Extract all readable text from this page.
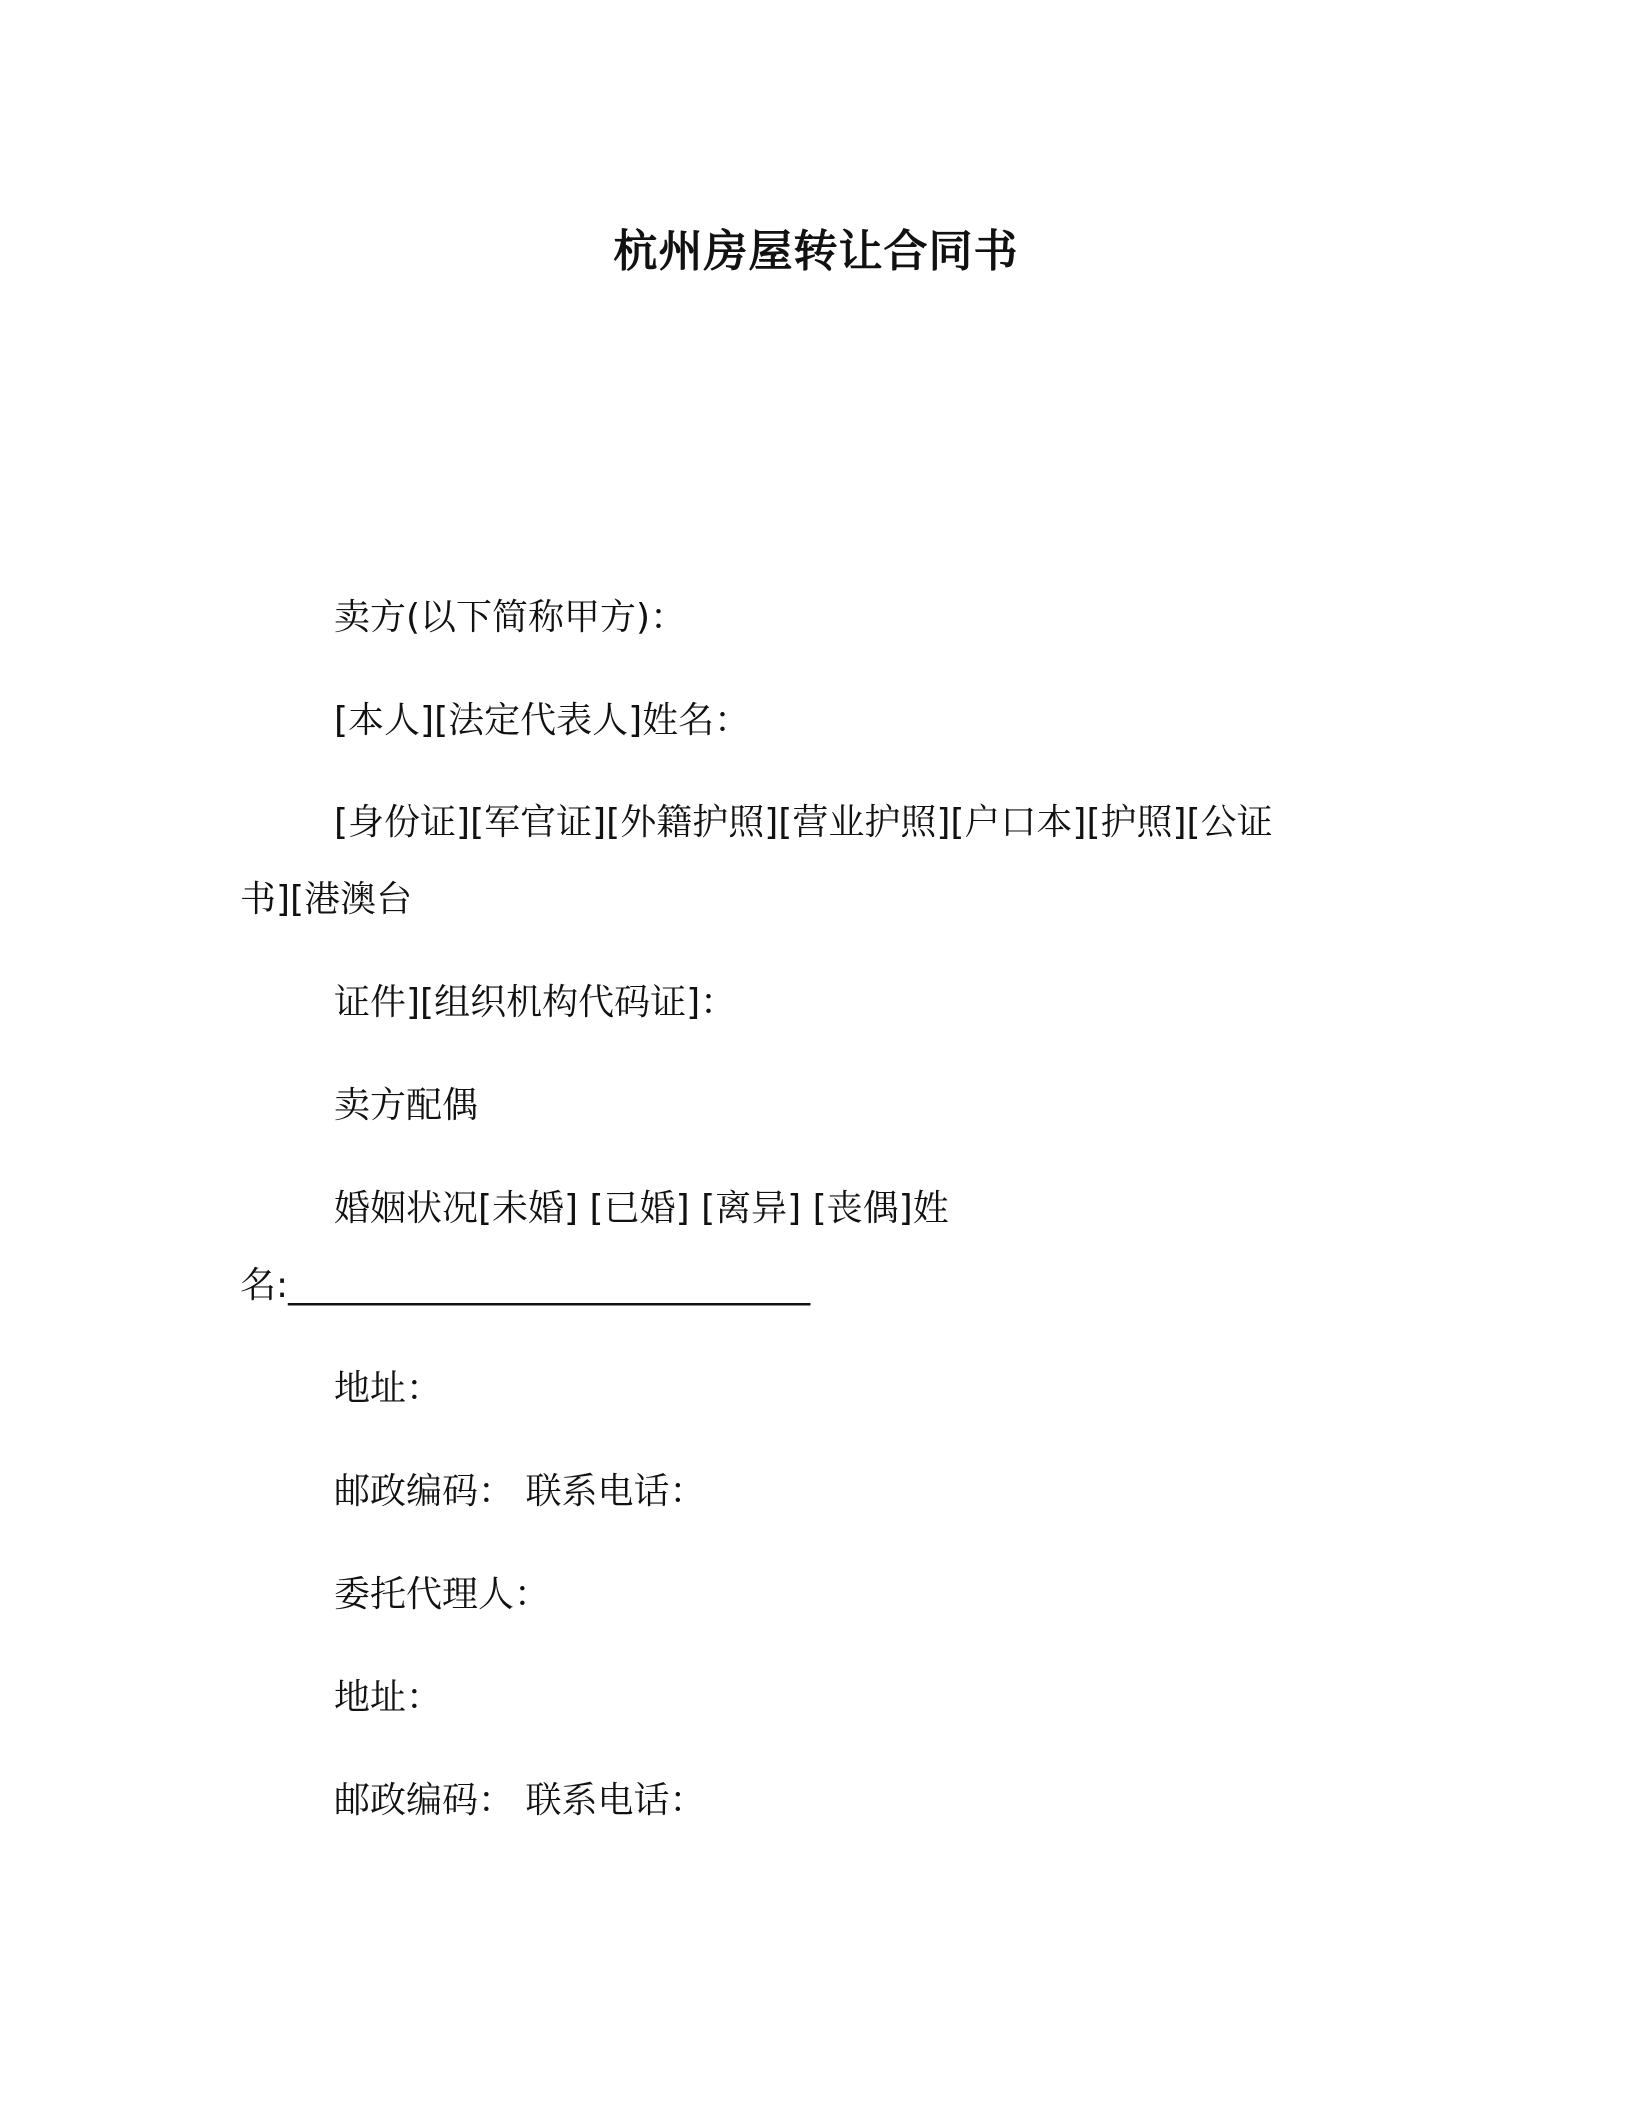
杭州房屋转让合同书
卖方(以下简称甲方)：
[本人][法定代表人]姓名：
[身份证][军官证][外籍护照][营业护照][户口本][护照][公证
书][港澳台
证件][组织机构代码证]：
卖方配偶
婚姻状况[未婚] [已婚] [离异] [丧偶]姓
名:_____________________________
地址：
邮政编码： 联系电话：
委托代理人：
地址：
邮政编码： 联系电话：
